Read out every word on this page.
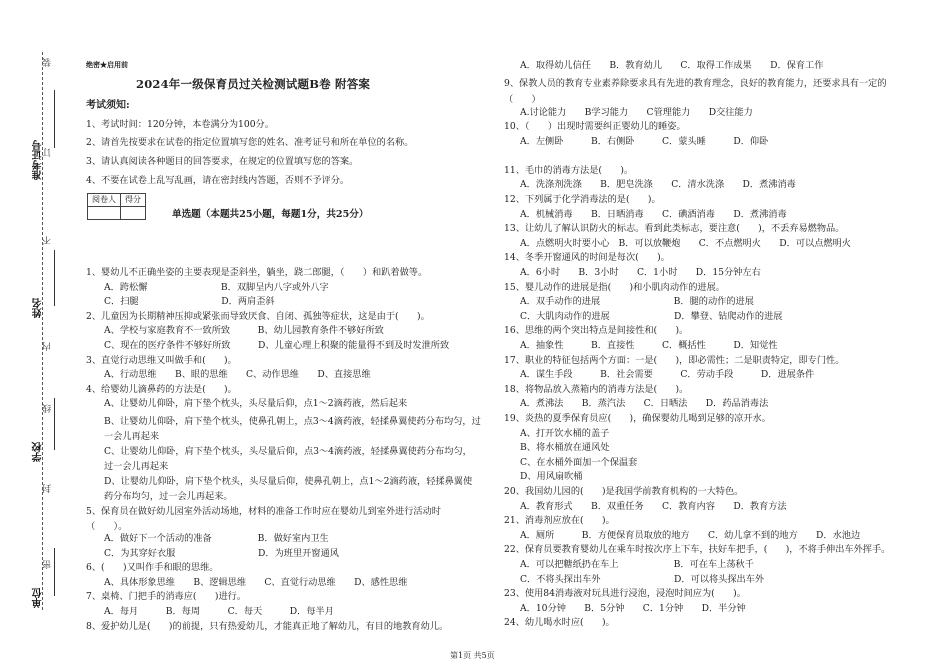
准考证号
姓名
学校
单位
装
订
不
内
线
封
密
绝密★启用前
2024年一级保育员过关检测试题B卷 附答案
考试须知:
1、考试时间：120分钟，本卷满分为100分。
2、请首先按要求在试卷的指定位置填写您的姓名、准考证号和所在单位的名称。
3、请认真阅读各种题目的回答要求，在规定的位置填写您的答案。
4、不要在试卷上乱写乱画，请在密封线内答题，否则不予评分。
阅卷人	得分

单选题（本题共25小题，每题1分，共25分）
1、婴幼儿不正确坐姿的主要表现是歪斜坐，躺坐，跷二郎腿，（　　）和趴着做等。
A．跨松懈　　　　　　　　B．双脚呈内八字或外八字
C．扫腿　　　　　　　　　D．两肩歪斜
2、儿童因为长期精神压抑或紧张而导致厌食、自闭、孤独等症状，这是由于(　　)。
A、学校与家庭教育不一致所致　　　B、幼儿园教育条件不够好所致
C、现在的医疗条件不够好所致　　　D、儿童心理上积聚的能量得不到及时发泄所致
3、直觉行动思维又叫做手和(　　)。
A、行动思维　　B、眼的思维　　C、动作思维　　D、直接思维
4、给婴幼儿滴鼻药的方法是(　　)。
A、让婴幼儿仰卧，肩下垫个枕头，头尽量后仰，点1～2滴药液，然后起来
B、让婴幼儿仰卧，肩下垫个枕头，使鼻孔朝上，点3～4滴药液，轻揉鼻翼使药分布均匀，过一会儿再起来
C、让婴幼儿仰卧，肩下垫个枕头，头尽量后仰，点3～4滴药液，轻揉鼻翼使药分布均匀，过一会儿再起来
D、让婴幼儿仰卧，肩下垫个枕头，头尽量后仰，使鼻孔朝上，点1～2滴药液，轻揉鼻翼使药分布均匀，过一会儿再起来。
5、保育员在做好幼儿园室外活动场地，材料的准备工作时应在婴幼儿到室外进行活动时（　　）。
A．做好下一个活动的准备　　　　　B．做好室内卫生
C．为其穿好衣服　　　　　　　　　D．为班里开窗通风
6、(　　)又叫作手和眼的思维。
A、具体形象思维　　B、逻辑思维　　C、直觉行动思维　　D、感性思维
7、桌椅、门把手的消毒应(　　)进行。
A．每月　　　B．每周　　　C．每天　　　D．每半月
8、爱护幼儿是(　　)的前提，只有热爱幼儿，才能真正地了解幼儿，有目的地教育幼儿。
A．取得幼儿信任　　B．教育幼儿　　C．取得工作成果　　D．保育工作
9、保教人员的教育专业素养除要求具有先进的教育理念，良好的教育能力，还要求具有一定的（　　）
A.讨论能力　　B学习能力　　C管理能力　　D交往能力
10、（　　）出现时需要纠正婴幼儿的睡姿。
A．左侧卧　　　B．右侧卧　　　C．蒙头睡　　　D．仰卧
11、毛巾的消毒方法是(　　)。
A．洗涤剂洗涤　　B．肥皂洗涤　　C．清水洗涤　　D．煮沸消毒
12、下列属于化学消毒法的是(　　)。
A．机械消毒　　B．日晒消毒　　C．碘酒消毒　　D．煮沸消毒
13、让幼儿了解认识防火的标志。看到此类标志，要注意(　　)，不丢弃易燃物品。
A．点燃明火时要小心　B．可以放鞭炮　　C．不点燃明火　　D．可以点燃明火
14、冬季开窗通风的时间是每次(　　)。
A．6小时　　B．3小时　　C．1小时　　D．15分钟左右
15、婴儿动作的进展是指(　　)和小肌肉动作的进展。
A．双手动作的进展　　　　　　　　B．腿的动作的进展
C．大肌肉动作的进展　　　　　　　D．攀登、钻爬动作的进展
16、思维的两个突出特点是间接性和(　　)。
A．抽象性　　　B．直接性　　　C．概括性　　　D．知觉性
17、职业的特征包括两个方面：一是(　　)，即必需性；二是职责特定，即专门性。
A．谋生手段　　　B．社会需要　　　C．劳动手段　　　D．进展条件
18、将物品放入蒸箱内的消毒方法是(　　)。
A．煮沸法　　B．蒸汽法　　C．日晒法　　D．药品消毒法
19、炎热的夏季保育员应(　　)，确保婴幼儿喝到足够的凉开水。
A、打开饮水桶的盖子
B、将水桶放在通风处
C、在水桶外面加一个保温套
D、用风扇吹桶
20、我国幼儿园的(　　)是我国学前教育机构的一大特色。
A．教育形式　　B．双重任务　　C．教育内容　　D．教育方法
21、消毒剂应放在(　　)。
A．厕所　　　B．方便保育员取放的地方　　C．幼儿拿不到的地方　　D．水池边
22、保育员要教育婴幼儿在乘车时按次序上下车，扶好车把手，(　　)，不将手伸出车外挥手。
A．可以把糖纸扔在车上　　　　　　B．可在车上荡秋千
C．不将头探出车外　　　　　　　　D．可以将头探出车外
23、使用84消毒液对玩具进行浸泡，浸泡时间应为(　　)。
A．10分钟　　B．5分钟　　C．1分钟　　D．半分钟
24、幼儿喝水时应(　　)。
第1页 共5页
